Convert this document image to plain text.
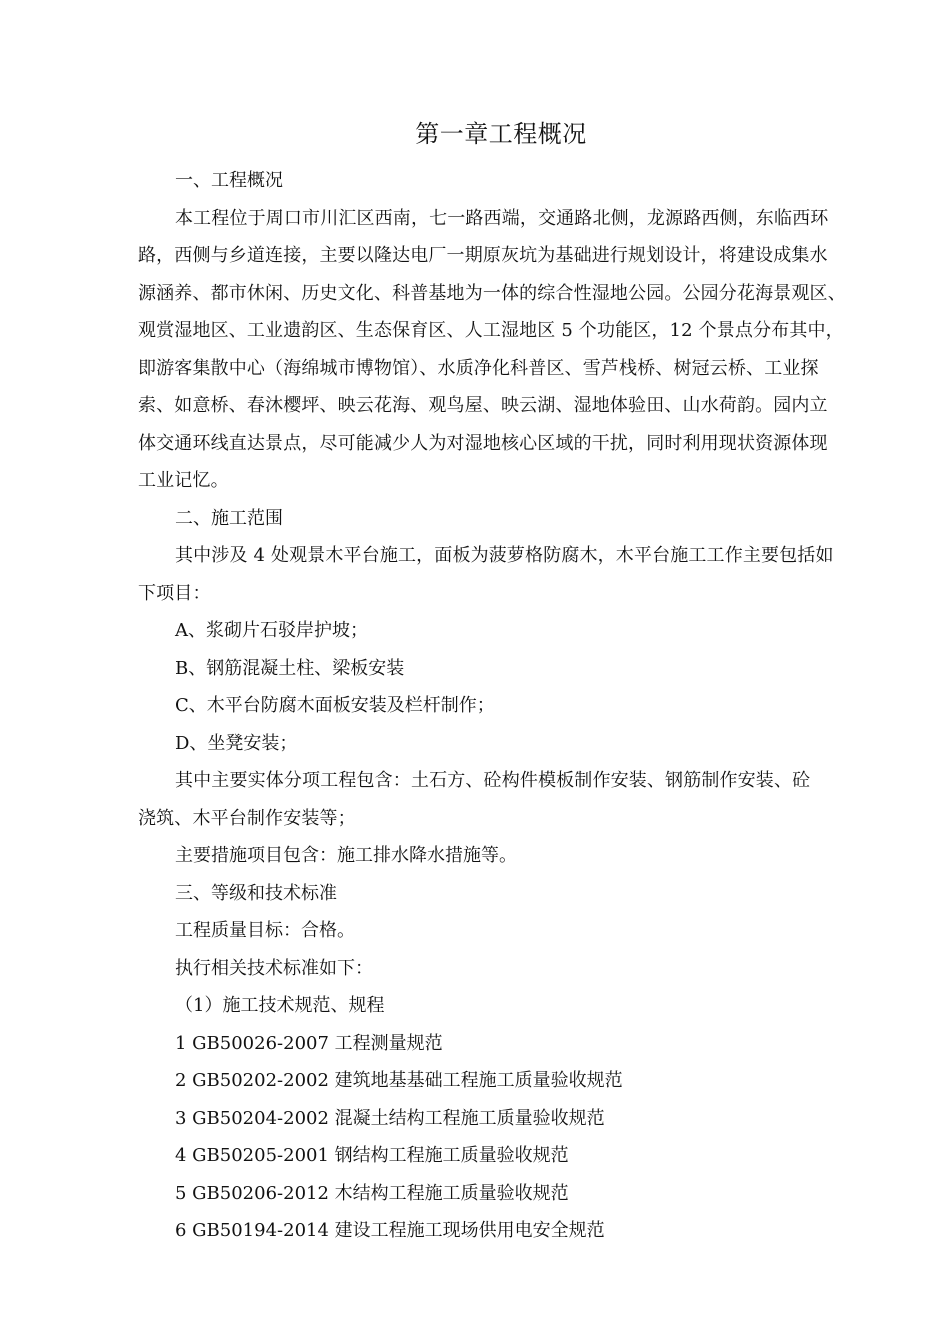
第一章工程概况

一、工程概况

本工程位于周口市川汇区西南，七一路西端，交通路北侧，龙源路西侧，东临西环

路，西侧与乡道连接，主要以隆达电厂一期原灰坑为基础进行规划设计，将建设成集水

源涵养、都市休闲、历史文化、科普基地为一体的综合性湿地公园。公园分花海景观区、

观赏湿地区、工业遗韵区、生态保育区、人工湿地区 5 个功能区，12 个景点分布其中，

即游客集散中心（海绵城市博物馆）、水质净化科普区、雪芦栈桥、树冠云桥、工业探

索、如意桥、春沐樱坪、映云花海、观鸟屋、映云湖、湿地体验田、山水荷韵。园内立

体交通环线直达景点，尽可能减少人为对湿地核心区域的干扰，同时利用现状资源体现

工业记忆。

二、施工范围

其中涉及 4 处观景木平台施工，面板为菠萝格防腐木，木平台施工工作主要包括如

下项目：

A、浆砌片石驳岸护坡；

B、钢筋混凝土柱、梁板安装

C、木平台防腐木面板安装及栏杆制作；

D、坐凳安装；

其中主要实体分项工程包含：土石方、砼构件模板制作安装、钢筋制作安装、砼

浇筑、木平台制作安装等；

主要措施项目包含：施工排水降水措施等。

三、等级和技术标准

工程质量目标：合格。

执行相关技术标准如下：

（1）施工技术规范、规程

1 GB50026-2007 工程测量规范

2 GB50202-2002 建筑地基基础工程施工质量验收规范

3 GB50204-2002 混凝土结构工程施工质量验收规范

4 GB50205-2001 钢结构工程施工质量验收规范

5 GB50206-2012 木结构工程施工质量验收规范

6 GB50194-2014 建设工程施工现场供用电安全规范
